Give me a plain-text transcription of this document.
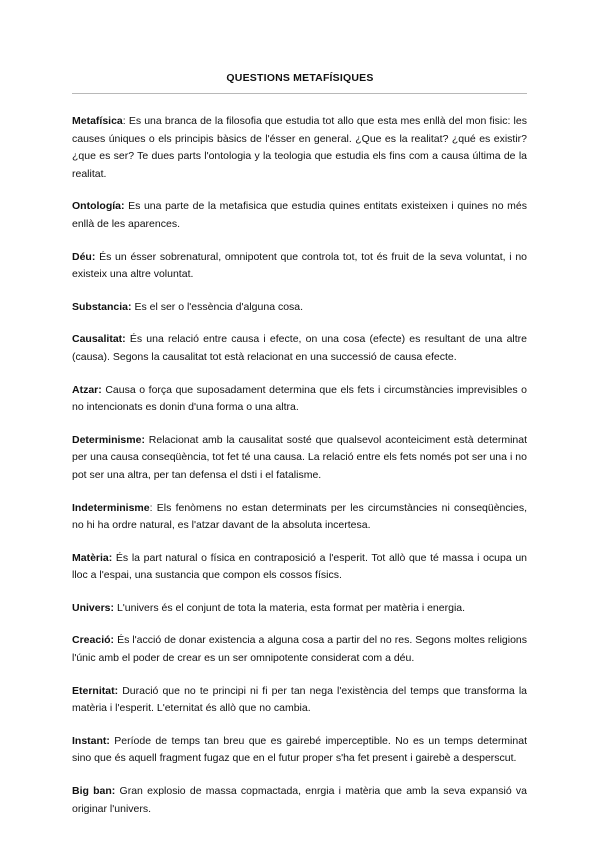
QUESTIONS METAFÍSIQUES

Metafísica: Es una branca de la filosofia que estudia tot allo que esta mes enllà del mon fisic: les causes úniques o els principis bàsics de l'ésser en general. ¿Que es la realitat? ¿qué es existir?¿que es ser? Te dues parts l'ontologia y la teologia que estudia els fins com a causa última de la realitat.

Ontología: Es una parte de la metafisica que estudia quines entitats existeixen i quines no més enllà de les aparences.

Déu: És un ésser sobrenatural, omnipotent que controla tot, tot és fruit de la seva voluntat, i no existeix una altre voluntat.

Substancia: Es el ser o l'essència d'alguna cosa.

Causalitat: És una relació entre causa i efecte, on una cosa (efecte) es resultant de una altre (causa). Segons la causalitat tot està relacionat en una successió de causa efecte.

Atzar: Causa o força que suposadament determina que els fets i circumstàncies imprevisibles o no intencionats es donin d'una forma o una altra.

Determinisme: Relacionat amb la causalitat sosté que qualsevol aconteiciment està determinat per una causa conseqüència, tot fet té una causa. La relació entre els fets només pot ser una i no pot ser una altra, per tan defensa el dsti i el fatalisme.

Indeterminisme: Els fenòmens no estan determinats per les circumstàncies ni conseqüències, no hi ha ordre natural, es l'atzar davant de la absoluta incertesa.

Matèria: És la part natural o física en contraposició a l'esperit. Tot allò que té massa i ocupa un lloc a l'espai, una sustancia que compon els cossos físics.

Univers: L'univers és el conjunt de tota la materia, esta format per matèria i energia.

Creació: És l'acció de donar existencia a alguna cosa a partir del no res. Segons moltes religions l'únic amb el poder de crear es un ser omnipotente considerat com a déu.

Eternitat: Duració que no te principi ni fi per tan nega l'existència del temps que transforma la matèria i l'esperit. L'eternitat és allò que no cambia.

Instant: Període de temps tan breu que es gairebé imperceptible. No es un temps determinat sino que és aquell fragment fugaz que en el futur proper s'ha fet present i gairebè a desperscut.

Big ban: Gran explosio de massa copmactada, enrgia i matèria que amb la seva expansió va originar l'univers.
